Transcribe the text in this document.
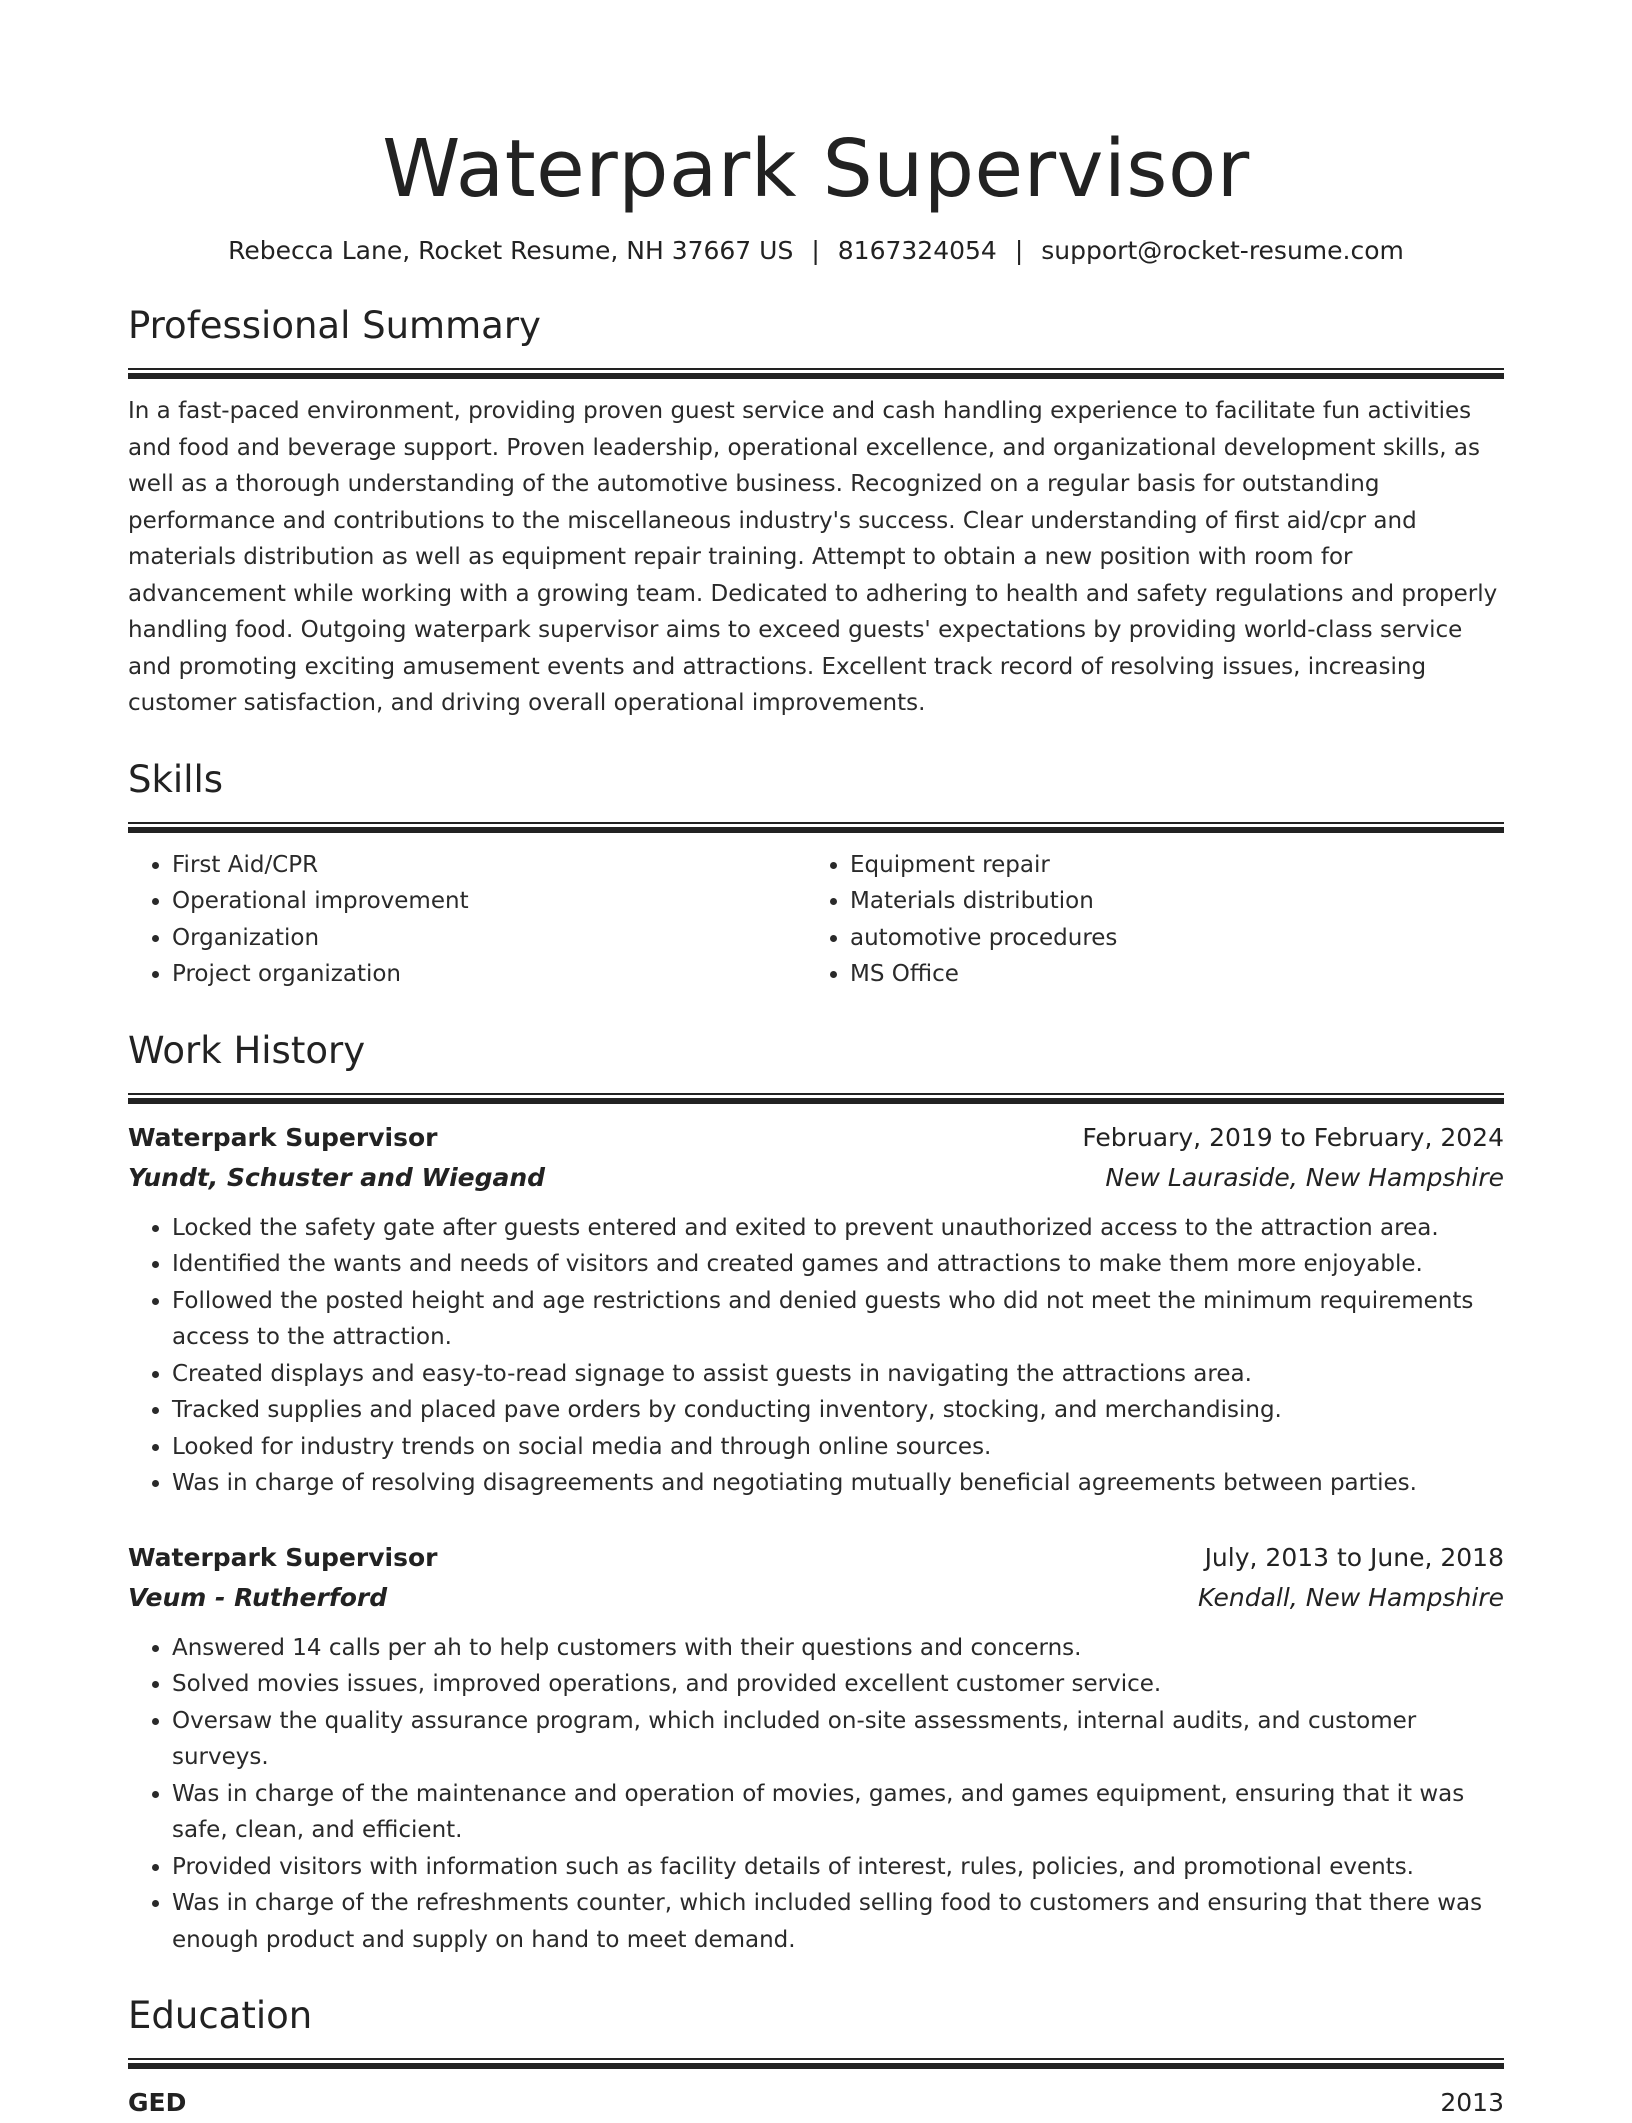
Waterpark Supervisor
Rebecca Lane, Rocket Resume, NH 37667 US | 8167324054 | support@rocket-resume.com
Professional Summary
In a fast-paced environment, providing proven guest service and cash handling experience to facilitate fun activities and food and beverage support. Proven leadership, operational excellence, and organizational development skills, as well as a thorough understanding of the automotive business. Recognized on a regular basis for outstanding performance and contributions to the miscellaneous industry's success. Clear understanding of first aid/cpr and materials distribution as well as equipment repair training. Attempt to obtain a new position with room for advancement while working with a growing team. Dedicated to adhering to health and safety regulations and properly handling food. Outgoing waterpark supervisor aims to exceed guests' expectations by providing world-class service and promoting exciting amusement events and attractions. Excellent track record of resolving issues, increasing customer satisfaction, and driving overall operational improvements.
Skills
• First Aid/CPR
• Operational improvement
• Organization
• Project organization
• Equipment repair
• Materials distribution
• automotive procedures
• MS Office
Work History
Waterpark Supervisor	February, 2019 to February, 2024
Yundt, Schuster and Wiegand	New Lauraside, New Hampshire
• Locked the safety gate after guests entered and exited to prevent unauthorized access to the attraction area.
• Identified the wants and needs of visitors and created games and attractions to make them more enjoyable.
• Followed the posted height and age restrictions and denied guests who did not meet the minimum requirements access to the attraction.
• Created displays and easy-to-read signage to assist guests in navigating the attractions area.
• Tracked supplies and placed pave orders by conducting inventory, stocking, and merchandising.
• Looked for industry trends on social media and through online sources.
• Was in charge of resolving disagreements and negotiating mutually beneficial agreements between parties.
Waterpark Supervisor	July, 2013 to June, 2018
Veum - Rutherford	Kendall, New Hampshire
• Answered 14 calls per ah to help customers with their questions and concerns.
• Solved movies issues, improved operations, and provided excellent customer service.
• Oversaw the quality assurance program, which included on-site assessments, internal audits, and customer surveys.
• Was in charge of the maintenance and operation of movies, games, and games equipment, ensuring that it was safe, clean, and efficient.
• Provided visitors with information such as facility details of interest, rules, policies, and promotional events.
• Was in charge of the refreshments counter, which included selling food to customers and ensuring that there was enough product and supply on hand to meet demand.
Education
GED	2013
